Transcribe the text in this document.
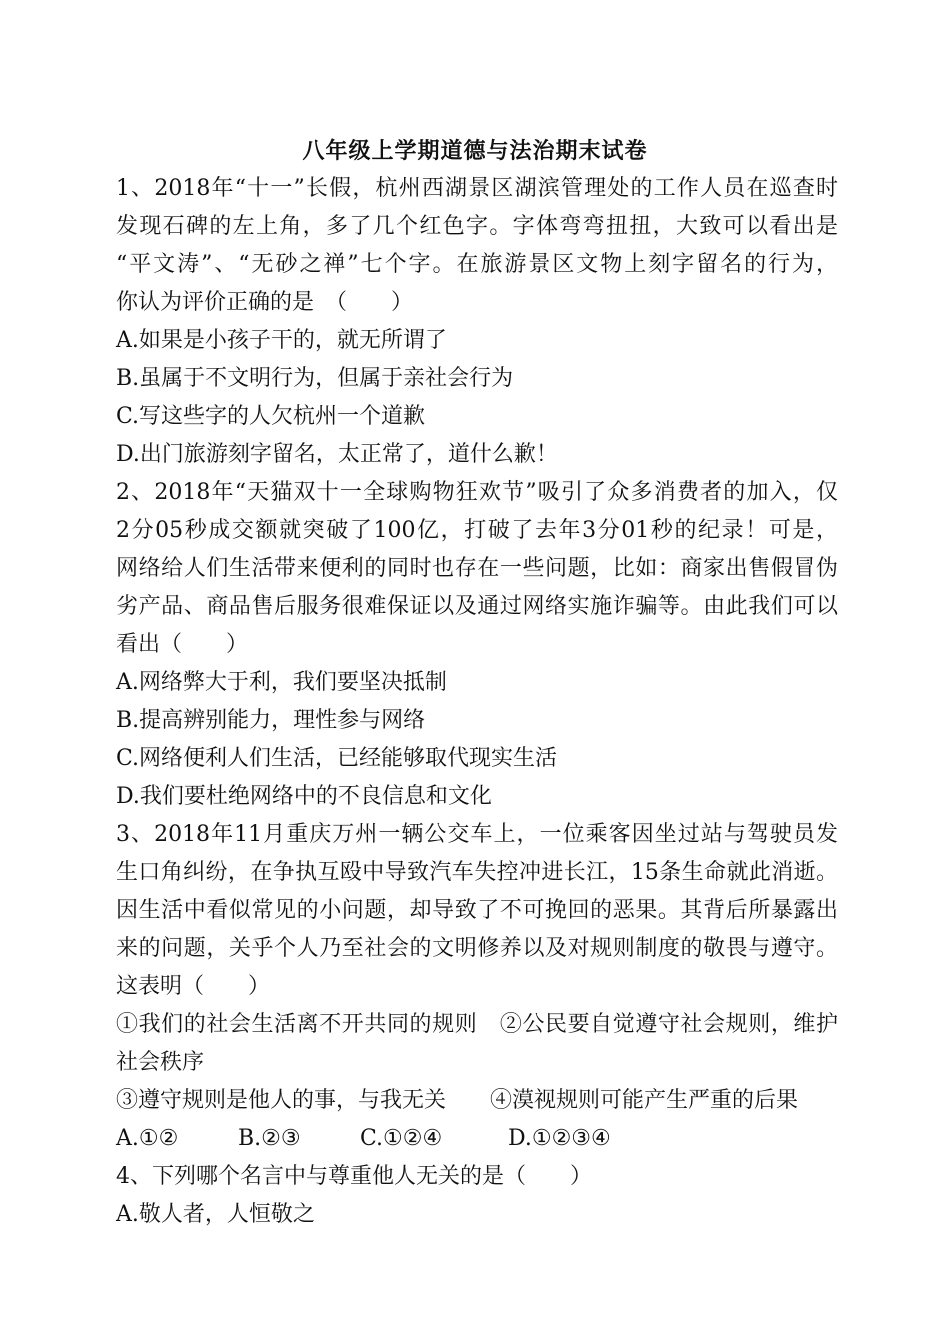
八年级上学期道德与法治期末试卷
1、2018年“十一”长假，杭州西湖景区湖滨管理处的工作人员在巡查时
发现石碑的左上角，多了几个红色字。字体弯弯扭扭，大致可以看出是
“平文涛”、“无砂之禅”七个字。在旅游景区文物上刻字留名的行为，
你认为评价正确的是　（　　）
A.如果是小孩子干的，就无所谓了
B.虽属于不文明行为，但属于亲社会行为
C.写这些字的人欠杭州一个道歉
D.出门旅游刻字留名，太正常了，道什么歉！
2、2018年“天猫双十一全球购物狂欢节”吸引了众多消费者的加入，仅
2分05秒成交额就突破了100亿，打破了去年3分01秒的纪录！可是，
网络给人们生活带来便利的同时也存在一些问题，比如：商家出售假冒伪
劣产品、商品售后服务很难保证以及通过网络实施诈骗等。由此我们可以
看出（　　）
A.网络弊大于利，我们要坚决抵制
B.提高辨别能力，理性参与网络
C.网络便利人们生活，已经能够取代现实生活
D.我们要杜绝网络中的不良信息和文化
3、2018年11月重庆万州一辆公交车上，一位乘客因坐过站与驾驶员发
生口角纠纷，在争执互殴中导致汽车失控冲进长江，15条生命就此消逝。
因生活中看似常见的小问题，却导致了不可挽回的恶果。其背后所暴露出
来的问题，关乎个人乃至社会的文明修养以及对规则制度的敬畏与遵守。
这表明（　　）
①我们的社会生活离不开共同的规则　②公民要自觉遵守社会规则，维护
社会秩序
③遵守规则是他人的事，与我无关　　④漠视规则可能产生严重的后果
A.①②	B.②③	C.①②④	D.①②③④
4、下列哪个名言中与尊重他人无关的是（　　）
A.敬人者，人恒敬之
